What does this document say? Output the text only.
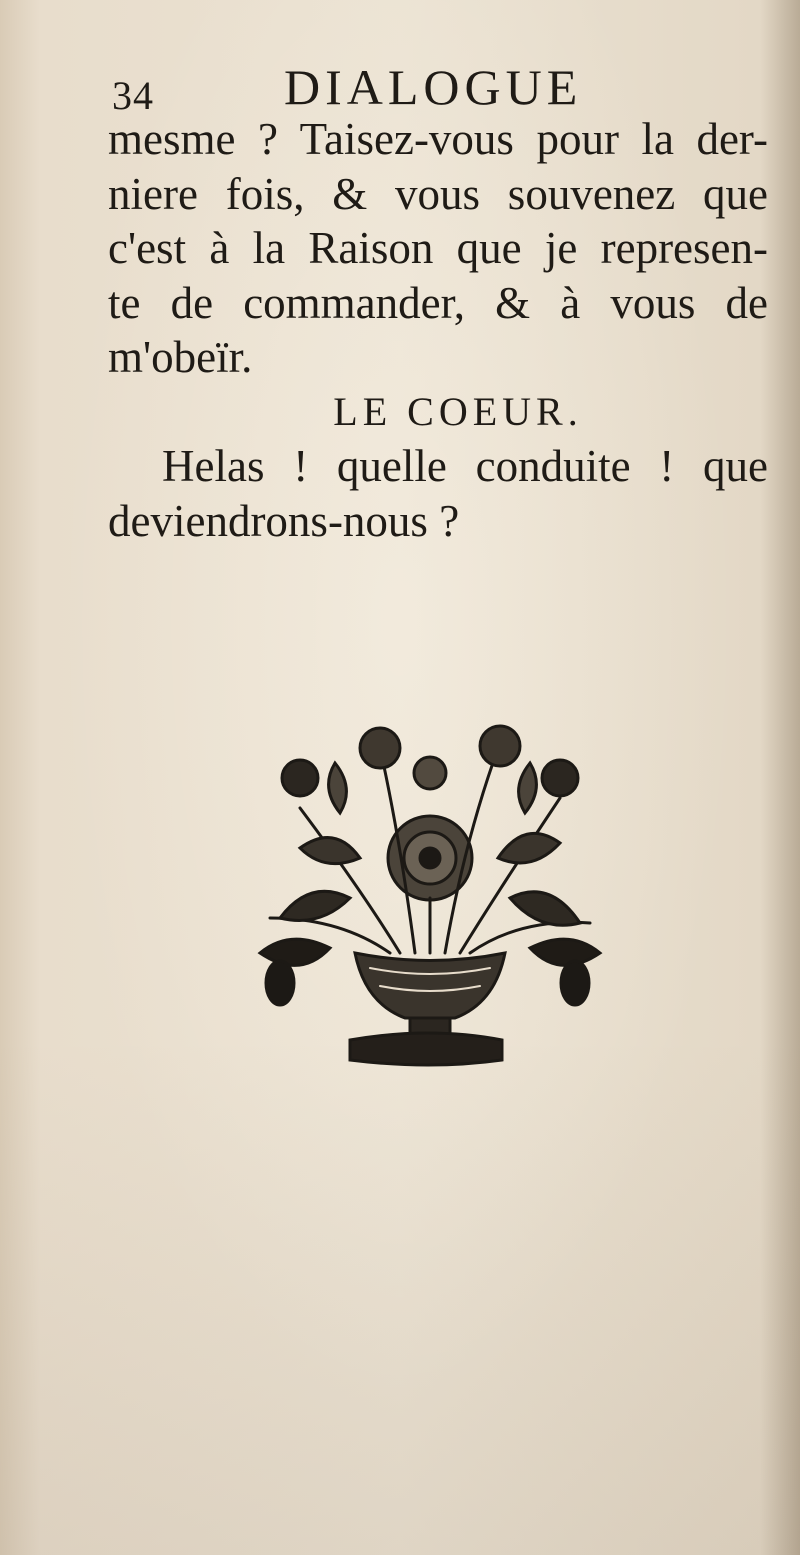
34	DIALOGUE
mesme ? Taisez-vous pour la der-
niere fois, & vous souvenez que
c'est à la Raison que je represen-
te de commander, & à vous de
m'obeïr.
LE COEUR.
Helas ! quelle conduite ! que
deviendrons-nous ?
